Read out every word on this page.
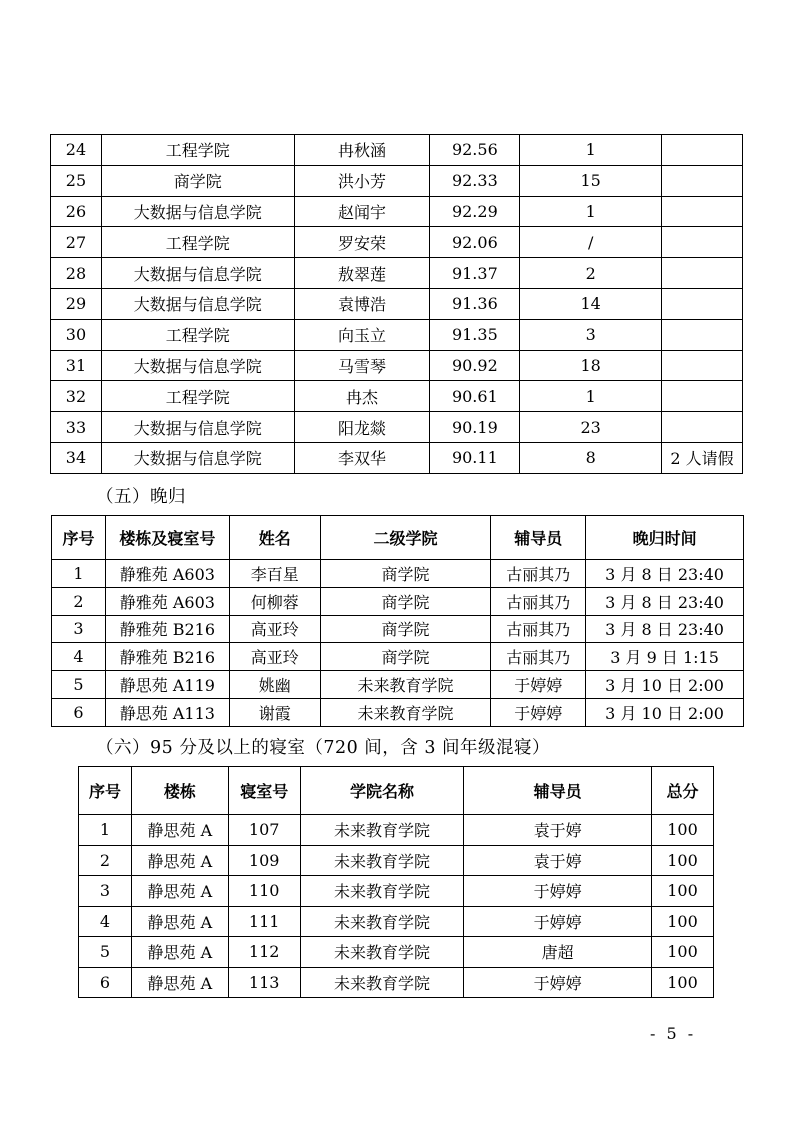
24	工程学院	冉秋涵	92.56	1	
25	商学院	洪小芳	92.33	15	
26	大数据与信息学院	赵闻宇	92.29	1	
27	工程学院	罗安荣	92.06	/	
28	大数据与信息学院	敖翠莲	91.37	2	
29	大数据与信息学院	袁博浩	91.36	14	
30	工程学院	向玉立	91.35	3	
31	大数据与信息学院	马雪琴	90.92	18	
32	工程学院	冉杰	90.61	1	
33	大数据与信息学院	阳龙燚	90.19	23	
34	大数据与信息学院	李双华	90.11	8	2 人请假
（五）晚归
序号	楼栋及寝室号	姓名	二级学院	辅导员	晚归时间
1	静雅苑 A603	李百星	商学院	古丽其乃	3 月 8 日 23:40
2	静雅苑 A603	何柳蓉	商学院	古丽其乃	3 月 8 日 23:40
3	静雅苑 B216	高亚玲	商学院	古丽其乃	3 月 8 日 23:40
4	静雅苑 B216	高亚玲	商学院	古丽其乃	3 月 9 日 1:15
5	静思苑 A119	姚幽	未来教育学院	于婷婷	3 月 10 日 2:00
6	静思苑 A113	谢霞	未来教育学院	于婷婷	3 月 10 日 2:00
（六）95 分及以上的寝室（720 间，含 3 间年级混寝）
序号	楼栋	寝室号	学院名称	辅导员	总分
1	静思苑 A	107	未来教育学院	袁于婷	100
2	静思苑 A	109	未来教育学院	袁于婷	100
3	静思苑 A	110	未来教育学院	于婷婷	100
4	静思苑 A	111	未来教育学院	于婷婷	100
5	静思苑 A	112	未来教育学院	唐超	100
6	静思苑 A	113	未来教育学院	于婷婷	100
- 5 -
